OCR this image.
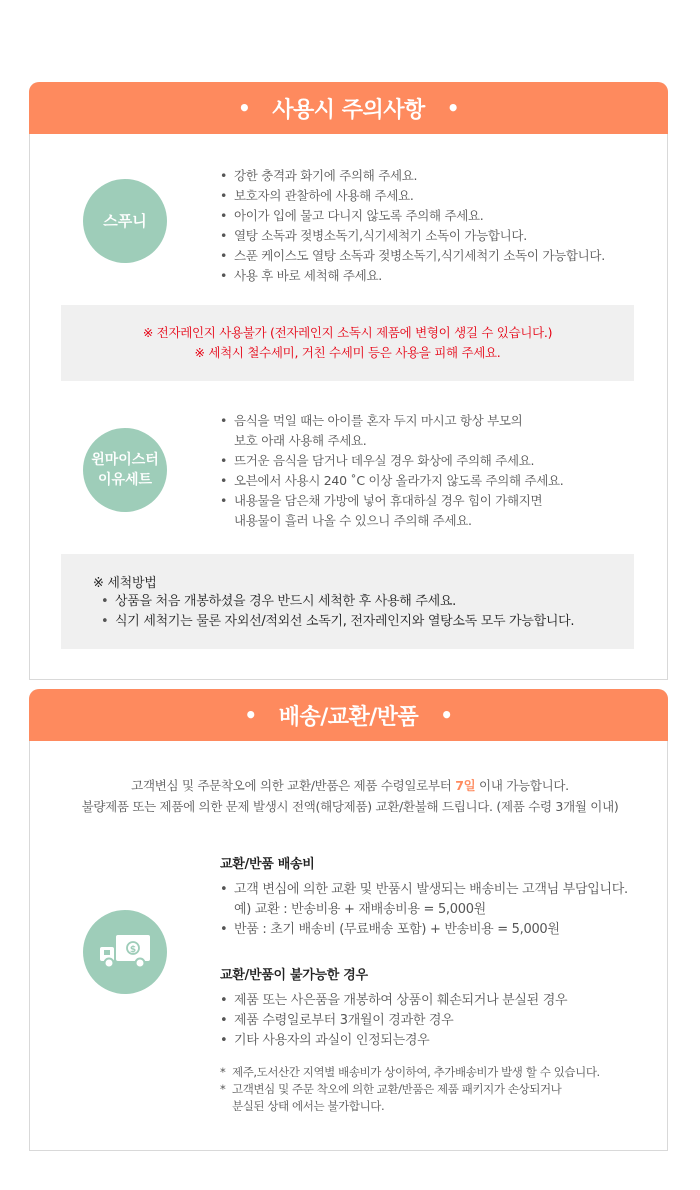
• 사용시 주의사항 •
스푸니
• 강한 충격과 화기에 주의해 주세요.
• 보호자의 관찰하에 사용해 주세요.
• 아이가 입에 물고 다니지 않도록 주의해 주세요.
• 열탕 소독과 젖병소독기,식기세척기 소독이 가능합니다.
• 스푼 케이스도 열탕 소독과 젖병소독기,식기세척기 소독이 가능합니다.
• 사용 후 바로 세척해 주세요.
※ 전자레인지 사용불가 (전자레인지 소독시 제품에 변형이 생길 수 있습니다.)
※ 세척시 철수세미, 거친 수세미 등은 사용을 피해 주세요.
윈마이스터
이유세트
• 음식을 먹일 때는 아이를 혼자 두지 마시고 항상 부모의
보호 아래 사용해 주세요.
• 뜨거운 음식을 담거나 데우실 경우 화상에 주의해 주세요.
• 오븐에서 사용시 240 ˚C 이상 올라가지 않도록 주의해 주세요.
• 내용물을 담은채 가방에 넣어 휴대하실 경우 힘이 가해지면
내용물이 흘러 나올 수 있으니 주의해 주세요.
※ 세척방법
• 상품을 처음 개봉하셨을 경우 반드시 세척한 후 사용해 주세요.
• 식기 세척기는 물론 자외선/적외선 소독기, 전자레인지와 열탕소독 모두 가능합니다.
• 배송/교환/반품 •
고객변심 및 주문착오에 의한 교환/반품은 제품 수령일로부터 7일 이내 가능합니다.
불량제품 또는 제품에 의한 문제 발생시 전액(해당제품) 교환/환불해 드립니다. (제품 수령 3개월 이내)
$
교환/반품 배송비
• 고객 변심에 의한 교환 및 반품시 발생되는 배송비는 고객님 부담입니다.
예) 교환 : 반송비용 + 재배송비용 = 5,000원
• 반품 : 초기 배송비 (무료배송 포함) + 반송비용 = 5,000원
교환/반품이 불가능한 경우
• 제품 또는 사은품을 개봉하여 상품이 훼손되거나 분실된 경우
• 제품 수령일로부터 3개월이 경과한 경우
• 기타 사용자의 과실이 인정되는경우
* 제주,도서산간 지역별 배송비가 상이하여, 추가배송비가 발생 할 수 있습니다.
* 고객변심 및 주문 착오에 의한 교환/반품은 제품 패키지가 손상되거나
분실된 상태 에서는 불가합니다.
